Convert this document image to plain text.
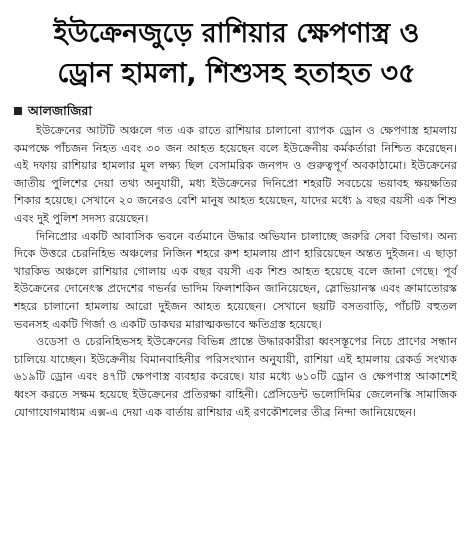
ইউক্রেনজুড়ে রাশিয়ার ক্ষেপণাস্ত্র ও
ড্রোন হামলা, শিশুসহ হতাহত ৩৫
আলজাজিরা

ইউক্রেনের আটটি অঞ্চলে গত এক রাতে রাশিয়ার চালানো ব্যাপক ড্রোন ও ক্ষেপণাস্ত্র হামলায় কমপক্ষে পাঁচজন নিহত এবং ৩০ জন আহত হয়েছেন বলে ইউক্রেনীয় কর্মকর্তারা নিশ্চিত করেছেন। এই দফায় রাশিয়ার হামলার মূল লক্ষ্য ছিল বেসামরিক জনপদ ও গুরুত্বপূর্ণ অবকাঠামো। ইউক্রেনের জাতীয় পুলিশের দেয়া তথ্য অনুযায়ী, মধ্য ইউক্রেনের দিনিপ্রো শহরটি সবচেয়ে ভয়াবহ ক্ষয়ক্ষতির শিকার হয়েছে। সেখানে ২০ জনেরও বেশি মানুষ আহত হয়েছেন, যাদের মধ্যে ৯ বছর বয়সী এক শিশু এবং দুই পুলিশ সদস্য রয়েছেন।

দিনিপ্রোর একটি আবাসিক ভবনে বর্তমানে উদ্ধার অভিযান চালাচ্ছে জরুরি সেবা বিভাগ। অন্য দিকে উত্তরে চেরনিহিভ অঞ্চলের নিজিন শহরে রুশ হামলায় প্রাণ হারিয়েছেন অন্তত দুইজন। এ ছাড়া খারকিভ অঞ্চলে রাশিয়ার গোলায় এক বছর বয়সী এক শিশু আহত হয়েছে বলে জানা গেছে। পূর্ব ইউক্রেনের দোনেৎস্ক প্রদেশের গভর্নর ভাদিম ফিলাশকিন জানিয়েছেন, স্লোভিয়ানস্ক এবং ক্রামাতোরস্ক শহরে চালানো হামলায় আরো দুইজন আহত হয়েছেন। সেখানে ছয়টি বসতবাড়ি, পাঁচটি বহুতল ভবনসহ একটি গির্জা ও একটি ডাকঘর মারাত্মকভাবে ক্ষতিগ্রস্ত হয়েছে।

ওডেসা ও চেরনিহিভসহ ইউক্রেনের বিভিন্ন প্রান্তে উদ্ধারকারীরা ধ্বংসস্তূপের নিচে প্রাণের সন্ধান চালিয়ে যাচ্ছেন। ইউক্রেনীয় বিমানবাহিনীর পরিসংখ্যান অনুযায়ী, রাশিয়া এই হামলায় রেকর্ড সংখ্যক ৬১৯টি ড্রোন এবং ৪৭টি ক্ষেপণাস্ত্র ব্যবহার করেছে। যার মধ্যে ৬১০টি ড্রোন ও ক্ষেপণাস্ত্র আকাশেই ধ্বংস করতে সক্ষম হয়েছে ইউক্রেনের প্রতিরক্ষা বাহিনী। প্রেসিডেন্ট ভলোদিমির জেলেনস্কি সামাজিক যোগাযোগমাধ্যম এক্স-এ দেয়া এক বার্তায় রাশিয়ার এই রণকৌশলের তীব্র নিন্দা জানিয়েছেন।
